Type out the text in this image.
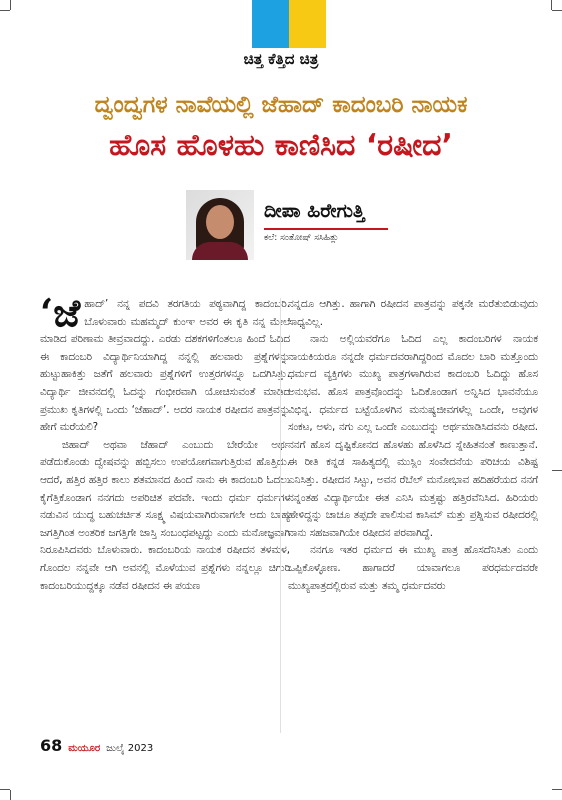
ಚಿತ್ತ ಕೆತ್ತಿದ ಚಿತ್ರ
ದ್ವಂದ್ವಗಳ ನಾವೆಯಲ್ಲಿ ಜೆಹಾದ್ ಕಾದಂಬರಿ ನಾಯಕ
ಹೊಸ ಹೊಳಹು ಕಾಣಿಸಿದ ‘ರಷೀದ’
ದೀಪಾ ಹಿರೇಗುತ್ತಿ
ಕಲೆ: ಸಂತೋಷ್ ಸಸಿಹಿತ್ಲು

‘ಜೆಹಾದ್’ ನನ್ನ ಪದವಿ ತರಗತಿಯ ಪಠ್ಯವಾಗಿದ್ದ ಕಾದಂಬರಿ. ಬೊಳುವಾರು ಮಹಮ್ಮದ್ ಕುಂಞ ಅವರ ಈ ಕೃತಿ ನನ್ನ ಮೇಲೆ ಮಾಡಿದ ಪರಿಣಾಮ ತೀವ್ರವಾದದ್ದು. ಎರಡು ದಶಕಗಳಿಗೆಂತಲೂ ಹಿಂದೆ ಓದಿದ ಈ ಕಾದಂಬರಿ ವಿದ್ಯಾರ್ಥಿನಿಯಾಗಿದ್ದ ನನ್ನಲ್ಲಿ ಹಲವಾರು ಪ್ರಶ್ನೆಗಳನ್ನು ಹುಟ್ಟುಹಾಕಿತ್ತು ಜತೆಗೆ ಹಲವಾರು ಪ್ರಶ್ನೆಗಳಿಗೆ ಉತ್ತರಗಳನ್ನೂ ಒದಗಿಸಿತ್ತು. ವಿದ್ಯಾರ್ಥಿ ಜೀವನದಲ್ಲಿ ಓದನ್ನು ಗಂಭೀರವಾಗಿ ಯೋಚಿಸುವಂತೆ ಮಾಡಿದ ಪ್ರಮುಖ ಕೃತಿಗಳಲ್ಲಿ ಒಂದು ‘ಜೆಹಾದ್’. ಅದರ ನಾಯಕ ರಷೀದನ ಪಾತ್ರವನ್ನು ಹೇಗೆ ಮರೆಯಲಿ?

ಜಿಹಾದ್ ಅಥವಾ ಜೆಹಾದ್ ಎಂಬುದು ಬೇರೆಯೇ ಅರ್ಥ ಪಡೆದುಕೊಂಡು ದ್ವೇಷವನ್ನು ಹಬ್ಬಿಸಲು ಉಪಯೋಗವಾಗುತ್ತಿರುವ ಹೊತ್ತಿದು. ಆದರೆ, ಹತ್ತಿರ ಹತ್ತಿರ ಕಾಲು ಶತಮಾನದ ಹಿಂದೆ ನಾನು ಈ ಕಾದಂಬರಿ ಓದಲು ಕೈಗೆತ್ತಿಕೊಂಡಾಗ ನನಗದು ಅಪರಿಚಿತ ಪದವೇ. ಇಂದು ಧರ್ಮ ಧರ್ಮಗಳ ನಡುವಿನ ಯುದ್ಧ ಬಹುಚರ್ಚಿತ ಸೂಕ್ಷ್ಮ ವಿಷಯವಾಗಿರುವಾಗಲೇ ಅದು ಬಾಹ್ಯ ಜಗತ್ತಿಗಿಂತ ಅಂತರಿಕ ಜಗತ್ತಿಗೇ ಜಾಸ್ತಿ ಸಂಬಂಧಪಟ್ಟದ್ದು ಎಂದು ಮನೋಜ್ಞವಾಗಿ ನಿರೂಪಿಸಿದವರು ಬೊಳುವಾರು. ಕಾದಂಬರಿಯ ನಾಯಕ ರಷೀದನ ತಳಮಳ, ಗೊಂದಲ ನನ್ನವೇ ಆಗಿ ಅವನಲ್ಲಿ ಮೊಳೆಯುವ ಪ್ರಶ್ನೆಗಳು ನನ್ನಲ್ಲೂ ಚಿಗುರಿ ಕಾದಂಬರಿಯುದ್ದಕ್ಕೂ ನಡೆವ ರಷೀದನ ಈ ಪಯಣ

ನನ್ನದೂ ಆಗಿತ್ತು. ಹಾಗಾಗಿ ರಷೀದನ ಪಾತ್ರವನ್ನು ಪಕ್ಕನೇ ಮರೆತುಬಿಡುವುದು ಸಾಧ್ಯವಿಲ್ಲ.

ನಾನು ಅಲ್ಲಿಯವರೆಗೂ ಓದಿದ ಎಲ್ಲ ಕಾದಂಬರಿಗಳ ನಾಯಕ ನಾಯಕಿಯರೂ ನನ್ನದೇ ಧರ್ಮದವರಾಗಿದ್ದರಿಂದ ಮೊದಲ ಬಾರಿ ಮತ್ತೊಂದು ಧರ್ಮದ ವ್ಯಕ್ತಿಗಳು ಮುಖ್ಯ ಪಾತ್ರಗಳಾಗಿರುವ ಕಾದಂಬರಿ ಓದಿದ್ದು ಹೊಸ ಅನುಭವ. ಹೊಸ ಪಾತ್ರವೊಂದನ್ನು ಓದಿಕೊಂಡಾಗ ಅನ್ನಿಸಿದ ಭಾವನೆಯೂ ವಿಭಿನ್ನ. ಧರ್ಮದ ಬಟ್ಟೆಯೊಳಗಿನ ಮನುಷ್ಯಜೀವಗಳೆಲ್ಲ ಒಂದೇ, ಅವುಗಳ ಸಂಕಟ, ಅಳು, ನಗು ಎಲ್ಲ ಒಂದೇ ಎಂಬುದನ್ನು ಅರ್ಥಮಾಡಿಸಿದವನು ರಷೀದ. ನನಗೆ ಹೊಸ ದೃಷ್ಟಿಕೋನದ ಹೊಳಹು ಹೊಳೆಸಿದ ಸ್ನೇಹಿತನಂತೆ ಕಾಣುತ್ತಾನೆ. ಈ ರೀತಿ ಕನ್ನಡ ಸಾಹಿತ್ಯದಲ್ಲಿ ಮುಸ್ಲಿಂ ಸಂವೇದನೆಯ ಪರಿಚಯ ವಿಶಿಷ್ಟ ಎನಿಸಿತ್ತು. ರಷೀದನ ಸಿಟ್ಟು, ಅವನ ರೆಬೆಲ್ ಮನೋಭಾವ ಹದಿಹರೆಯದ ನನಗೆ ನನ್ನಂತಹ ವಿದ್ಯಾರ್ಥಿಯೇ ಈತ ಎನಿಸಿ ಮತ್ತಷ್ಟು ಹತ್ತಿರವೆನಿಸಿದ. ಹಿರಿಯರು ಹೇಳಿದ್ದನ್ನು ಚಾಚೂ ತಪ್ಪದೇ ಪಾಲಿಸುವ ಕಾಸಿಮ್ ಮತ್ತು ಪ್ರಶ್ನಿಸುವ ರಷೀದರಲ್ಲಿ ನಾನು ಸಹಜವಾಗಿಯೇ ರಷೀದನ ಪರವಾಗಿದ್ದೆ.

ನನಗೂ ಇತರ ಧರ್ಮದ ಈ ಮುಖ್ಯ ಪಾತ್ರ ಹೊಸದೆನಿಸಿತು ಎಂದು ಒಪ್ಪಿಕೊಳ್ಳೋಣ. ಹಾಗಾದರೆ ಯಾವಾಗಲೂ ಪರಧರ್ಮದವರೇ ಮುಖ್ಯಪಾತ್ರದಲ್ಲಿರುವ ಮತ್ತು ತಮ್ಮ ಧರ್ಮದವರು

68 ಮಯೂರ ಜುಲೈ 2023
